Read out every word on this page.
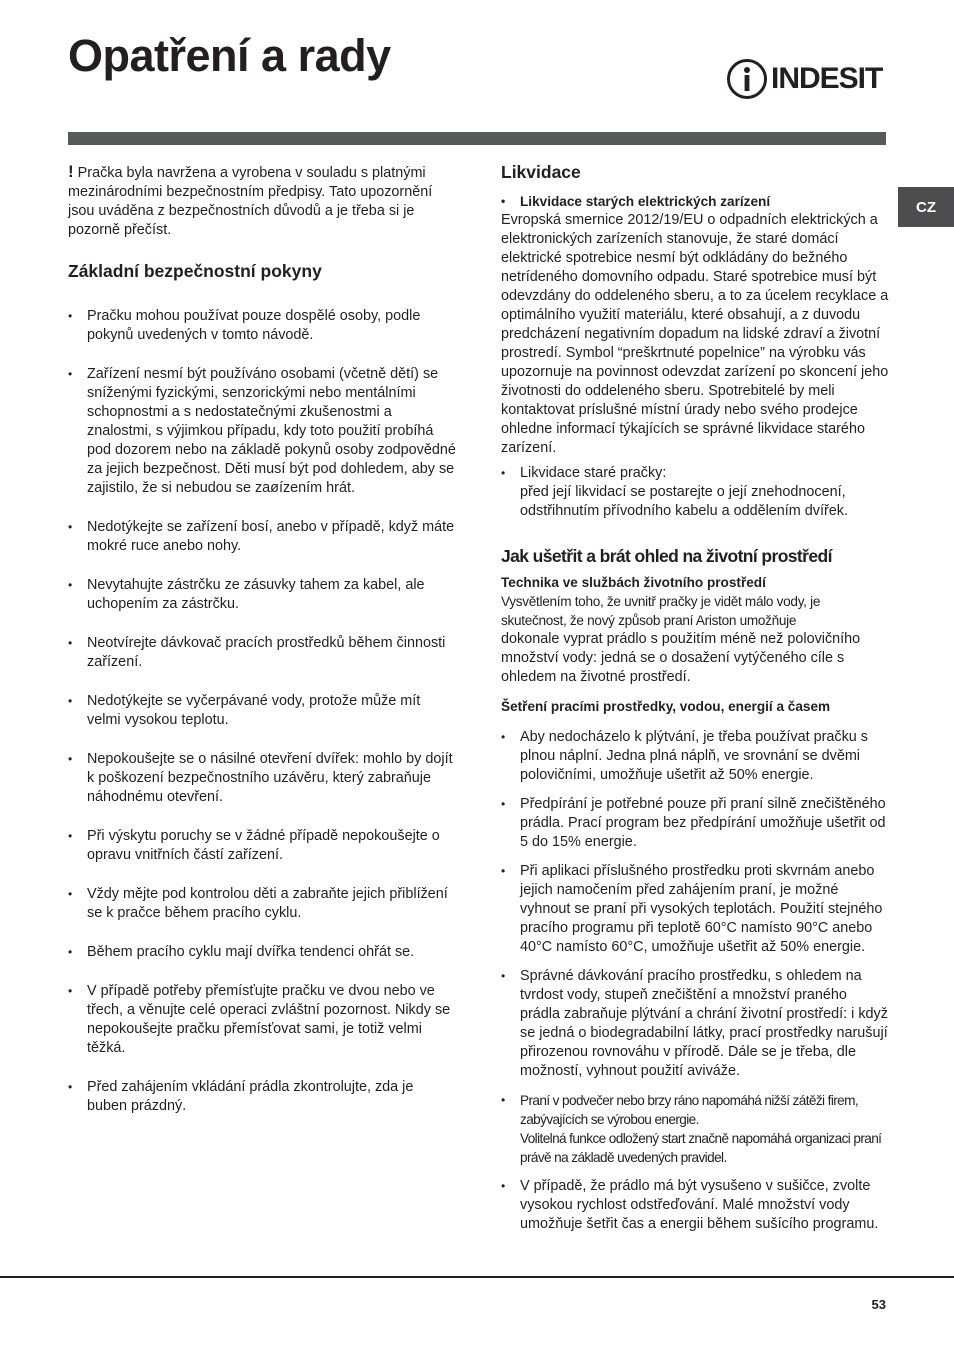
Opatření a rady	INDESIT
CZ

! Pračka byla navržena a vyrobena v souladu s platnými mezinárodními bezpečnostním předpisy. Tato upozornění jsou uváděna z bezpečnostních důvodů a je třeba si je pozorně přečíst.

Základní bezpečnostní pokyny
• Pračku mohou používat pouze dospělé osoby, podle pokynů uvedených v tomto návodě.
• Zařízení nesmí být používáno osobami (včetně dětí) se sníženými fyzickými, senzorickými nebo mentálními schopnostmi a s nedostatečnými zkušenostmi a znalostmi, s výjimkou případu, kdy toto použití probíhá pod dozorem nebo na základě pokynů osoby zodpovědné za jejich bezpečnost. Děti musí být pod dohledem, aby se zajistilo, že si nebudou se zaøízením hrát.
• Nedotýkejte se zařízení bosí, anebo v případě, když máte mokré ruce anebo nohy.
• Nevytahujte zástrčku ze zásuvky tahem za kabel, ale uchopením za zástrčku.
• Neotvírejte dávkovač pracích prostředků během činnosti zařízení.
• Nedotýkejte se vyčerpávané vody, protože může mít velmi vysokou teplotu.
• Nepokoušejte se o násilné otevření dvířek: mohlo by dojít k poškození bezpečnostního uzávěru, který zabraňuje náhodnému otevření.
• Při výskytu poruchy se v žádné případě nepokoušejte o opravu vnitřních částí zařízení.
• Vždy mějte pod kontrolou děti a zabraňte jejich přiblížení se k pračce během pracího cyklu.
• Během pracího cyklu mají dvířka tendenci ohřát se.
• V případě potřeby přemísťujte pračku ve dvou nebo ve třech, a věnujte celé operaci zvláštní pozornost. Nikdy se nepokoušejte pračku přemísťovat sami, je totiž velmi těžká.
• Před zahájením vkládání prádla zkontrolujte, zda je buben prázdný.
Likvidace
• Likvidace starých elektrických zarízení

Evropská smernice 2012/19/EU o odpadních elektrických a elektronických zarízeních stanovuje, že staré domácí elektrické spotrebice nesmí být odkládány do bežného netrídeného domovního odpadu. Staré spotrebice musí být odevzdány do oddeleného sberu, a to za úcelem recyklace a optimálního využití materiálu, které obsahují, a z duvodu predcházení negativním dopadum na lidské zdraví a životní prostredí. Symbol “preškrtnuté popelnice” na výrobku vás upozornuje na povinnost odevzdat zarízení po skoncení jeho životnosti do oddeleného sberu. Spotrebitelé by meli kontaktovat príslušné místní úrady nebo svého prodejce ohledne informací týkajících se správné likvidace starého zarízení.

• Likvidace staré pračky:
před její likvidací se postarejte o její znehodnocení, odstřihnutím přívodního kabelu a oddělením dvířek.
Jak ušetřit a brát ohled na životní prostředí

Technika ve službách životního prostředí

Vysvětlením toho, že uvnitř pračky je vidět málo vody, je skutečnost, že nový způsob praní Ariston umožňuje

dokonale vyprat prádlo s použitím méně než polovičního množství vody: jedná se o dosažení vytýčeného cíle s ohledem na životné prostředí.

Šetření pracími prostředky, vodou, energií a časem

• Aby nedocházelo k plýtvání, je třeba používat pračku s plnou náplní. Jedna plná náplň, ve srovnání se dvěmi polovičními, umožňuje ušetřit až 50% energie.
• Předpírání je potřebné pouze při praní silně znečištěného prádla. Prací program bez předpírání umožňuje ušetřit od 5 do 15% energie.
• Při aplikaci příslušného prostředku proti skvrnám anebo jejich namočením před zahájením praní, je možné vyhnout se praní při vysokých teplotách. Použití stejného pracího programu při teplotě 60°C namísto 90°C anebo 40°C namísto 60°C, umožňuje ušetřit až 50% energie.
• Správné dávkování pracího prostředku, s ohledem na tvrdost vody, stupeň znečištění a množství praného prádla zabraňuje plýtvání a chrání životní prostředí: i když se jedná o biodegradabilní látky, prací prostředky narušují přirozenou rovnováhu v přírodě. Dále se je třeba, dle možností, vyhnout použití aviváže.
• Praní v podvečer nebo brzy ráno napomáhá nižší zátěži firem, zabývajících se výrobou energie.
Volitelná funkce odložený start značně napomáhá organizaci praní právě na základě uvedených pravidel.
• V případě, že prádlo má být vysušeno v sušičce, zvolte vysokou rychlost odstřeďování. Malé množství vody umožňuje šetřit čas a energii během sušícího programu.
53
